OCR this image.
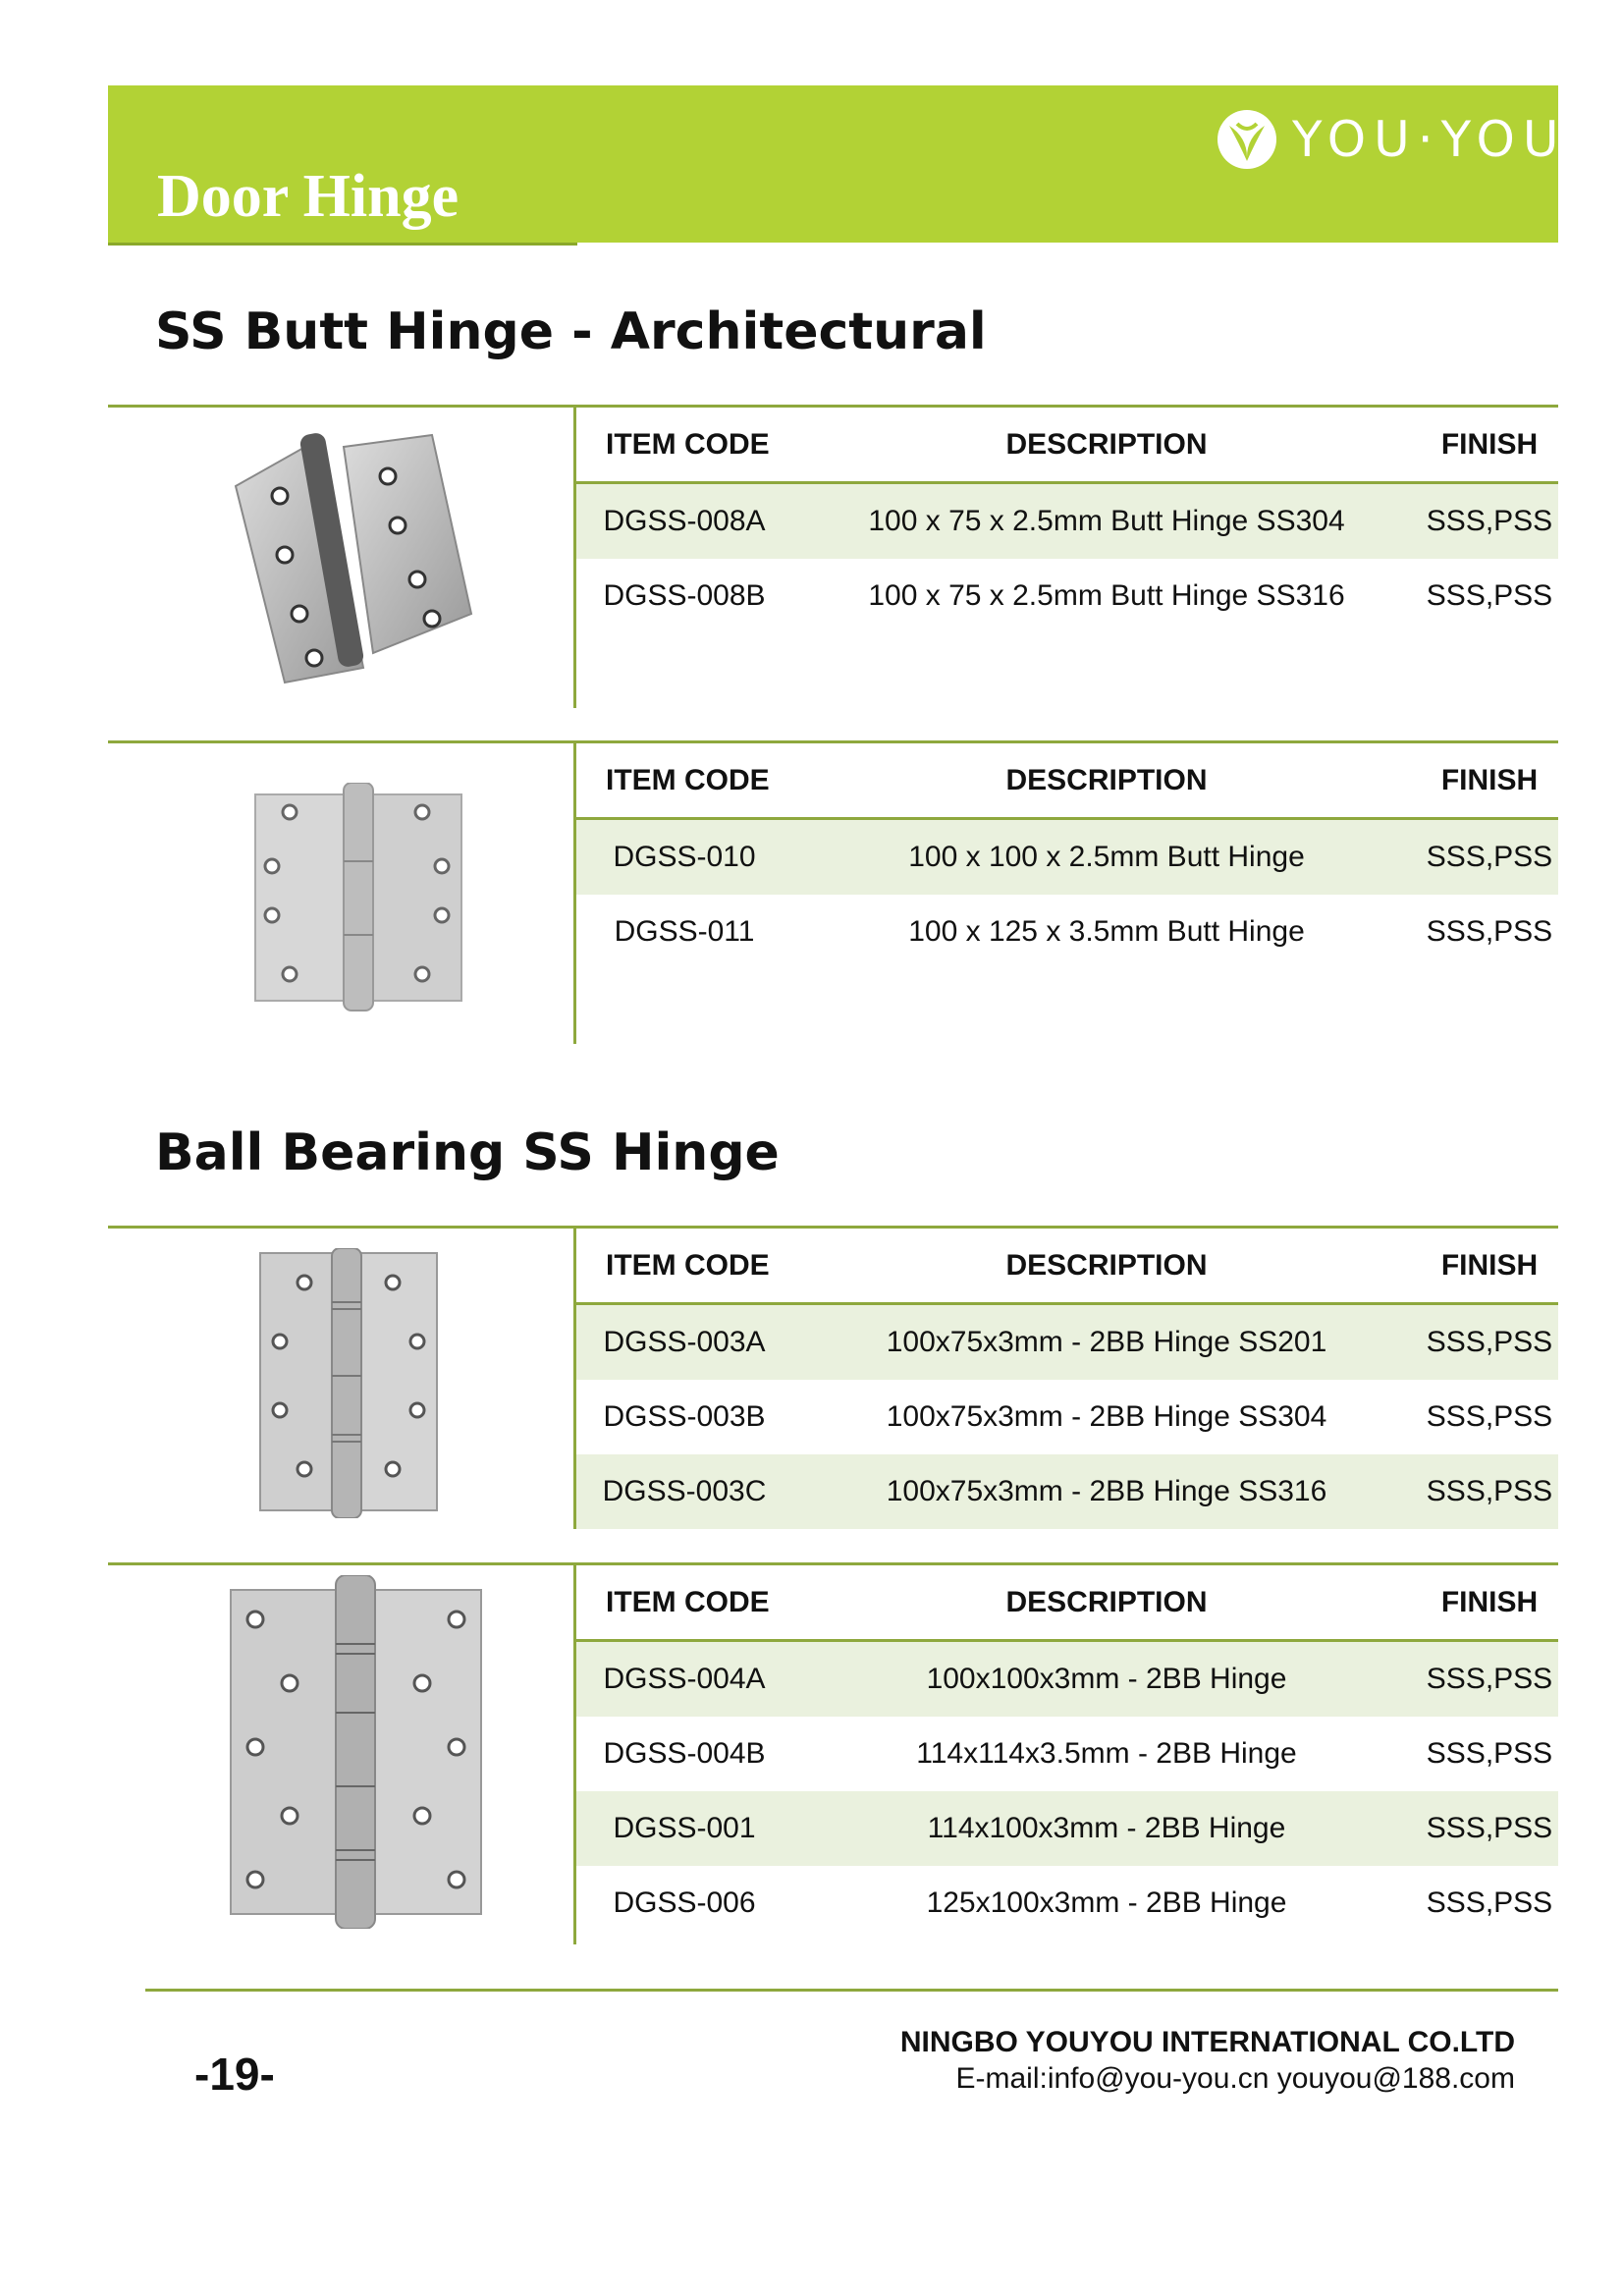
YOU·YOU
Door Hinge
SS Butt Hinge - Architectural
ITEM CODE	DESCRIPTION	FINISH
DGSS-008A	100 x 75 x 2.5mm Butt Hinge SS304	SSS,PSS
DGSS-008B	100 x 75 x 2.5mm Butt Hinge SS316	SSS,PSS
ITEM CODE	DESCRIPTION	FINISH
DGSS-010	100 x 100 x 2.5mm Butt Hinge	SSS,PSS
DGSS-011	100 x 125 x 3.5mm Butt Hinge	SSS,PSS
Ball Bearing SS Hinge
ITEM CODE	DESCRIPTION	FINISH
DGSS-003A	100x75x3mm - 2BB Hinge SS201	SSS,PSS
DGSS-003B	100x75x3mm - 2BB Hinge SS304	SSS,PSS
DGSS-003C	100x75x3mm - 2BB Hinge SS316	SSS,PSS
ITEM CODE	DESCRIPTION	FINISH
DGSS-004A	100x100x3mm - 2BB Hinge	SSS,PSS
DGSS-004B	114x114x3.5mm - 2BB Hinge	SSS,PSS
DGSS-001	114x100x3mm - 2BB Hinge	SSS,PSS
DGSS-006	125x100x3mm - 2BB Hinge	SSS,PSS
-19-
NINGBO YOUYOU INTERNATIONAL CO.LTD
E-mail:info@you-you.cn youyou@188.com
